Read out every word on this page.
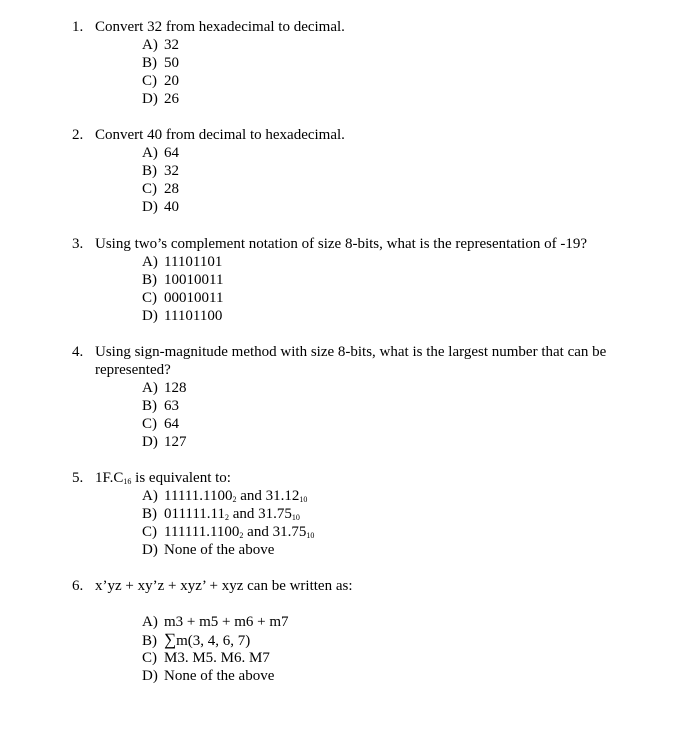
1. Convert 32 from hexadecimal to decimal.
A) 32
B) 50
C) 20
D) 26
2. Convert 40 from decimal to hexadecimal.
A) 64
B) 32
C) 28
D) 40
3. Using two’s complement notation of size 8-bits, what is the representation of -19?
A) 11101101
B) 10010011
C) 00010011
D) 11101100
4. Using sign-magnitude method with size 8-bits, what is the largest number that can be represented?
A) 128
B) 63
C) 64
D) 127
5. $1F.C_{16}$ is equivalent to:
A) $11111.1100_2$ and $31.12_{10}$
B) $011111.11_2$ and $31.75_{10}$
C) $111111.1100_2$ and $31.75_{10}$
D) None of the above
6. x’yz + xy’z + xyz’ + xyz can be written as:
A) m3 + m5 + m6 + m7
B) ∑m(3, 4, 6, 7)
C) M3. M5. M6. M7
D) None of the above
